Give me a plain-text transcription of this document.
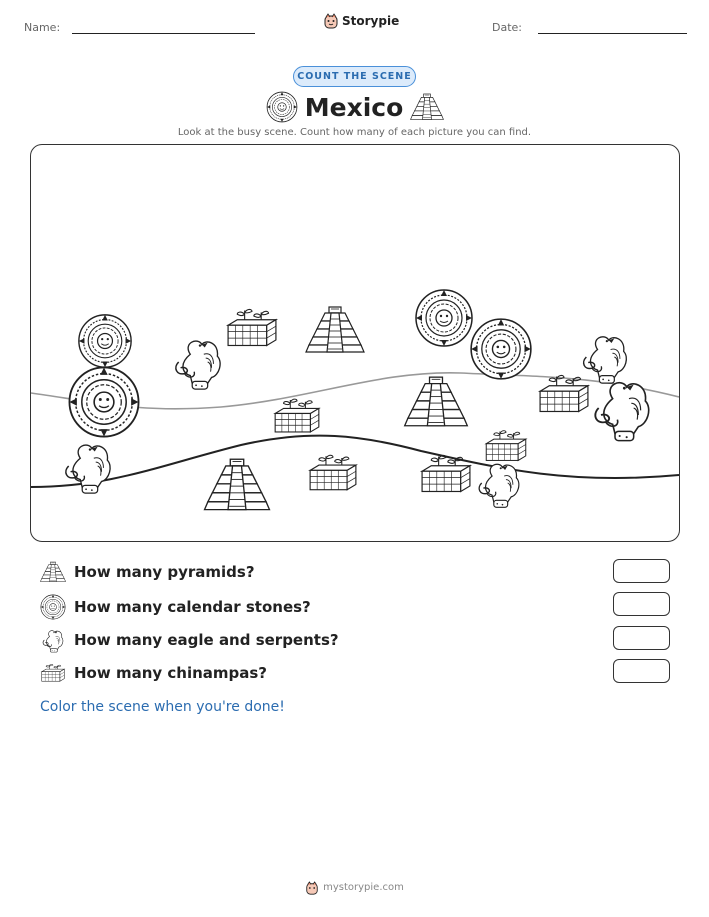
Name:	Storypie	Date:
COUNT THE SCENE
Mexico
Look at the busy scene. Count how many of each picture you can find.
How many pyramids?
How many calendar stones?
How many eagle and serpents?
How many chinampas?
Color the scene when you're done!
mystorypie.com
